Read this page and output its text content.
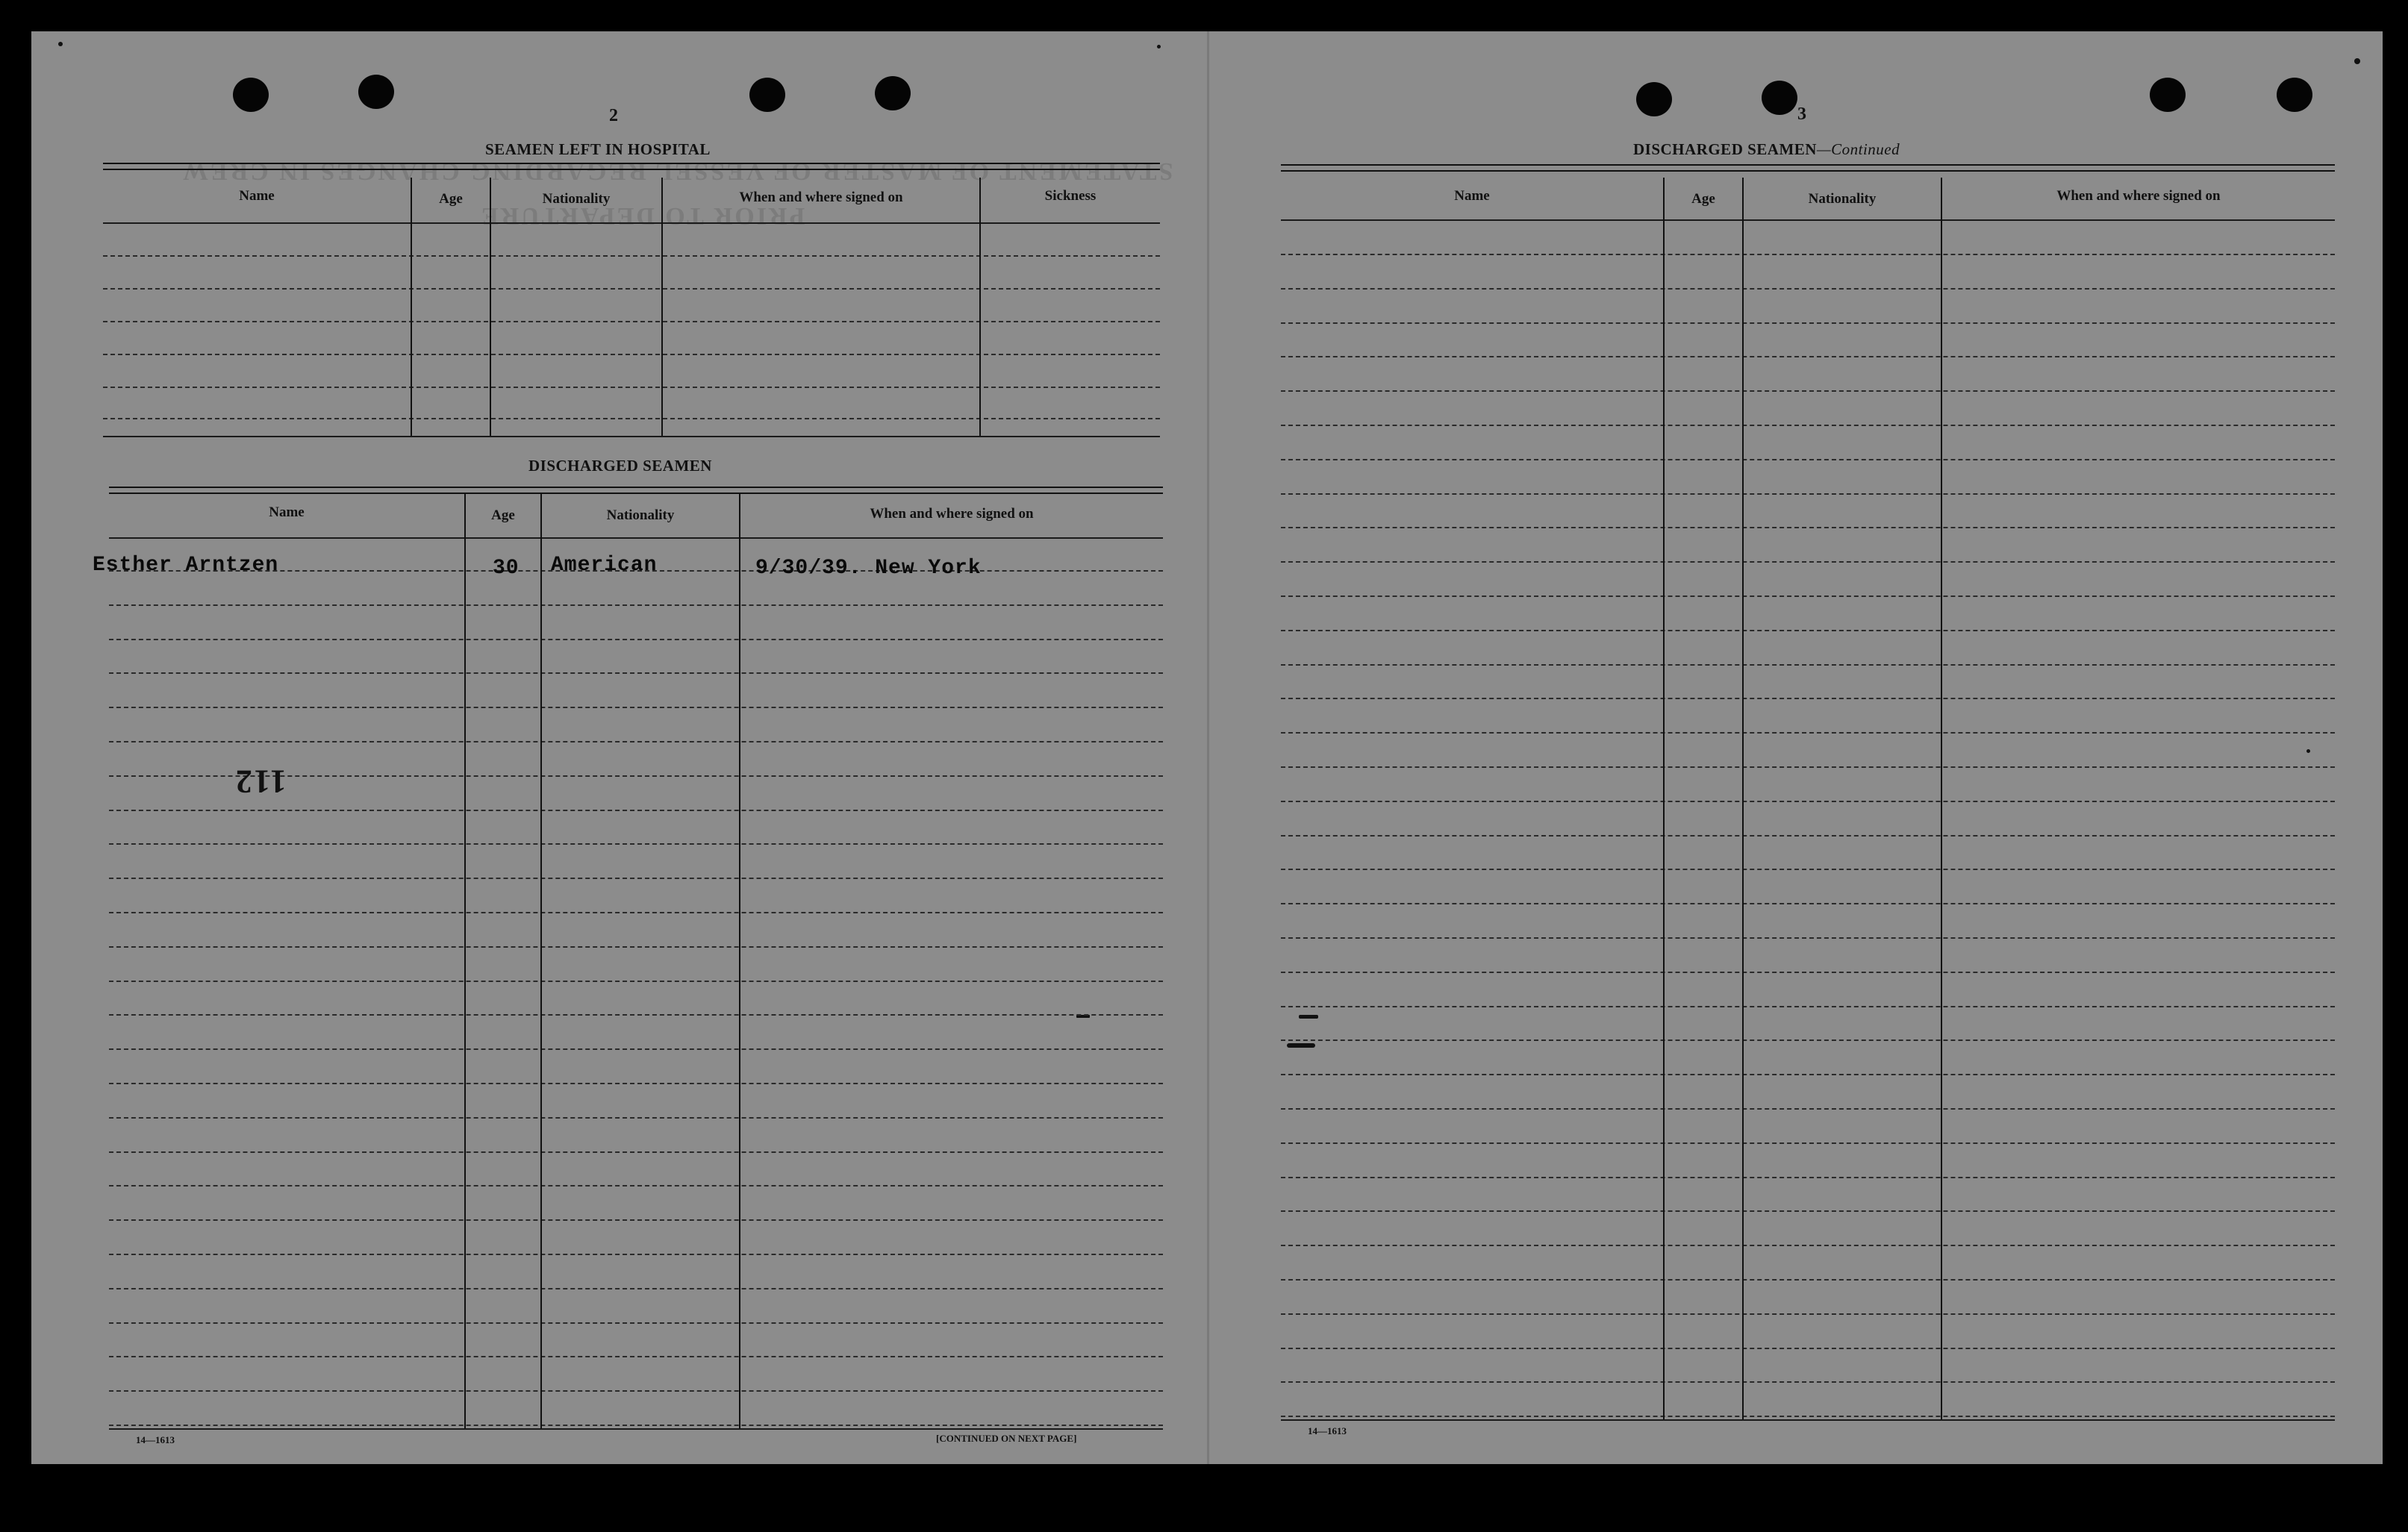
STATEMENT OF MASTER OF VESSEL REGARDING CHANGES IN CREW
PRIOR TO DEPARTURE
2
SEAMEN LEFT IN HOSPITAL
Name	Age	Nationality	When and where signed on	Sickness
DISCHARGED SEAMEN
Name	Age	Nationality	When and where signed on
Esther Arntzen	30 American	9/30/39. New York
112
14—1613	[CONTINUED ON NEXT PAGE]
3
DISCHARGED SEAMEN—Continued
Name	Age	Nationality	When and where signed on
14—1613
